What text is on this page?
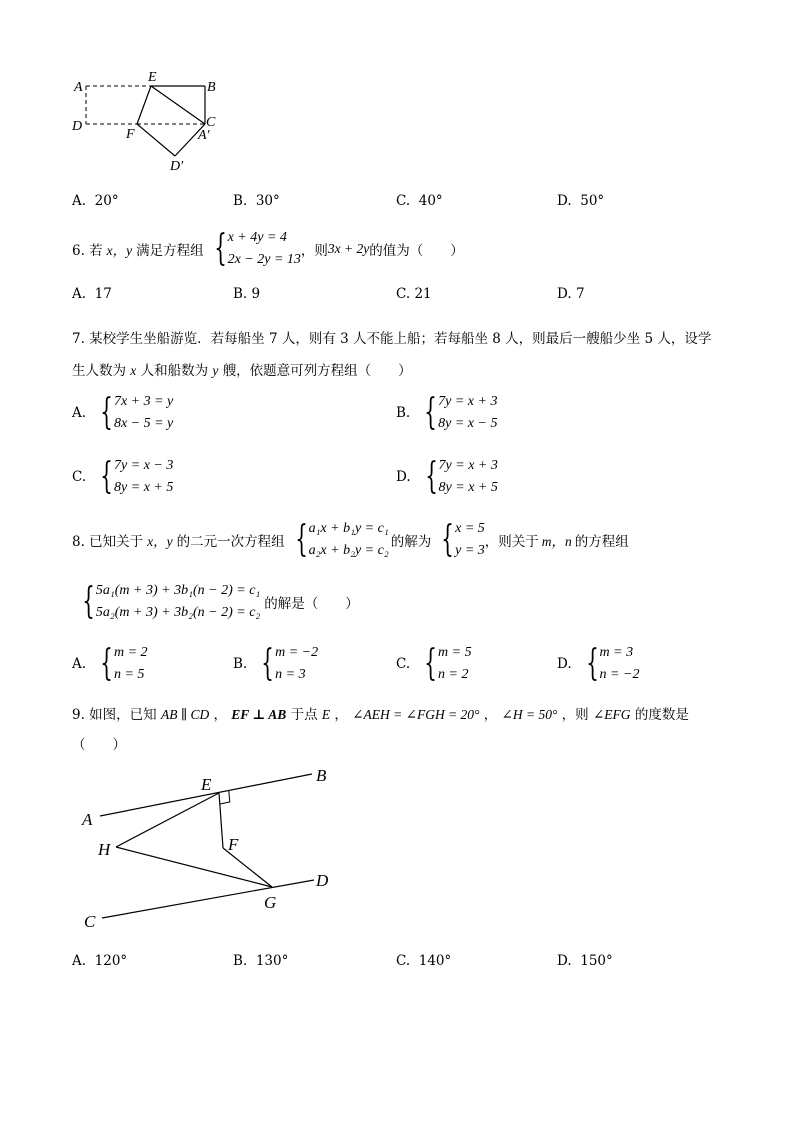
A
E
B
D
F
C
A′
D′
A. 20°	B. 30°	C. 40°	D. 50°
6. 若 x，y 满足方程组 { x + 4y = 4
2x − 2y = 13
，则 3x + 2y 的值为（　　）
A. 17	B. 9	C. 21	D. 7
7. 某校学生坐船游览．若每船坐 7 人，则有 3 人不能上船；若每船坐 8 人，则最后一艘船少坐 5 人，设学
生人数为 x 人和船数为 y 艘，依题意可列方程组（　　）
A. { 7x + 3 = y
8x − 5 = y
B. { 7y = x + 3
8y = x − 5
C. { 7y = x − 3
8y = x + 5
D. { 7y = x + 3
8y = x + 5
8. 已知关于 x，y 的二元一次方程组 { a₁x + b₁y = c₁
a₂x + b₂y = c₂
的解为 { x = 5
y = 3
，则关于 m，n 的方程组
{ 5a₁(m + 3) + 3b₁(n − 2) = c₁
5a₂(m + 3) + 3b₂(n − 2) = c₂
的解是（　　）
A. { m = 2
n = 5
B. { m = −2
n = 3
C. { m = 5
n = 2
D. { m = 3
n = −2
9. 如图，已知 AB ∥ CD ， EF ⊥ AB 于点 E ， ∠AEH = ∠FGH = 20° ， ∠H = 50° ，则 ∠EFG 的度数是
（　　）
A
B
E
H	F
D
G
C
A. 120°	B. 130°	C. 140°	D. 150°
